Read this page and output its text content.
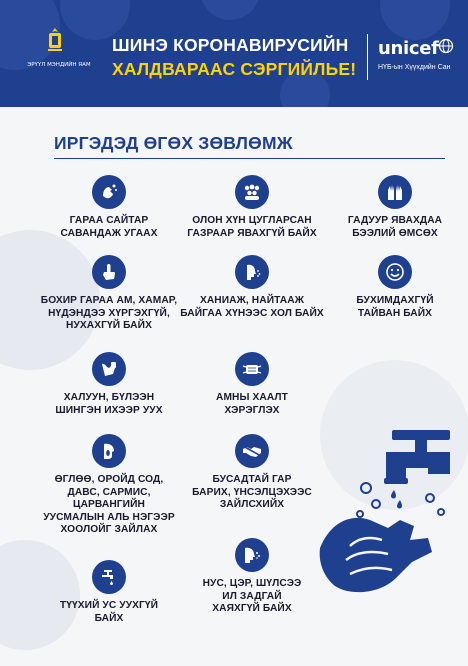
ЭРҮҮЛ МЭНДИЙН ЯАМ
ШИНЭ КОРОНАВИРУСИЙН
ХАЛДВАРААС СЭРГИЙЛЬЕ!
unicef
НҮБ-ын Хүүхдийн Сан
ИРГЭДЭД ӨГӨХ ЗӨВЛӨМЖ
ГАРАА САЙТАР
САВАНДАЖ УГААХ
ОЛОН ХҮН ЦУГЛАРСАН
ГАЗРААР ЯВАХГҮЙ БАЙХ
ГАДУУР ЯВАХДАА
БЭЭЛИЙ ӨМСӨХ
БОХИР ГАРАА АМ, ХАМАР,
НҮДЭНДЭЭ ХҮРГЭХГҮЙ,
НУХАХГҮЙ БАЙХ
ХАНИАЖ, НАЙТААЖ
БАЙГАА ХҮНЭЭС ХОЛ БАЙХ
БУХИМДАХГҮЙ
ТАЙВАН БАЙХ
ХАЛУУН, БҮЛЭЭН
ШИНГЭН ИХЭЭР УУХ
АМНЫ ХААЛТ
ХЭРЭГЛЭХ
ӨГЛӨӨ, ОРОЙД СОД,
ДАВС, САРМИС,
ЦАРВАНГИЙН
УУСМАЛЫН АЛЬ НЭГЭЭР
ХООЛОЙГ ЗАЙЛАХ
БУСАДТАЙ ГАР
БАРИХ, ҮНСЭЛЦЭХЭЭС
ЗАЙЛСХИЙХ
ТҮҮХИЙ УС УУХГҮЙ
БАЙХ
НУС, ЦЭР, ШҮЛСЭЭ
ИЛ ЗАДГАЙ
ХАЯХГҮЙ БАЙХ
